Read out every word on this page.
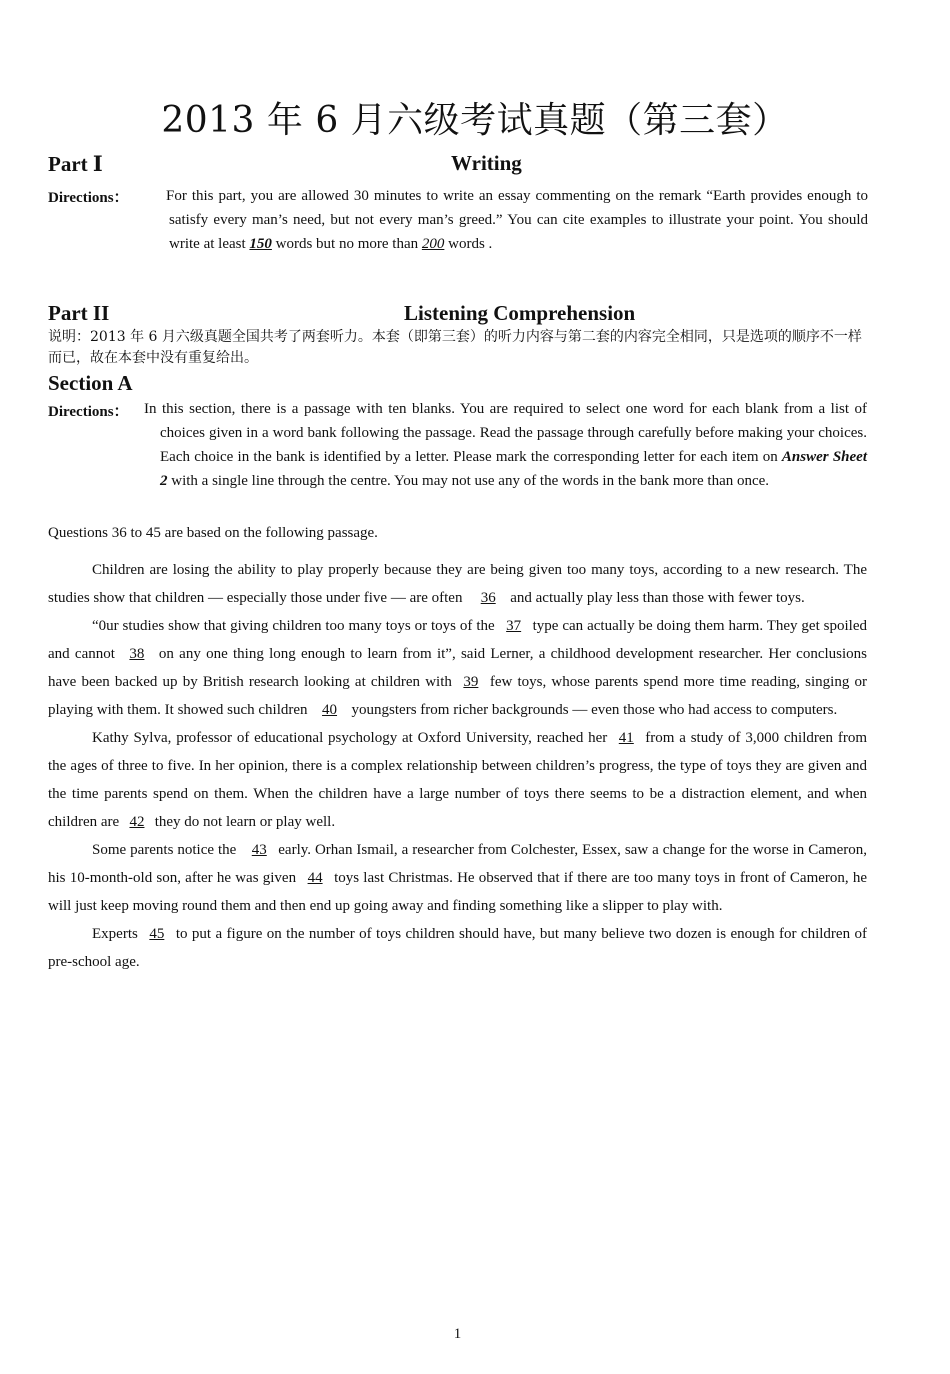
2013 年 6 月六级考试真题（第三套）
Part Ⅰ	Writing
Directions： For this part, you are allowed 30 minutes to write an essay commenting on the remark “Earth provides enough to satisfy every man’s need, but not every man’s greed.” You can cite examples to illustrate your point. You should write at least 150 words but no more than 200 words .
Part II	Listening Comprehension
说明：2013 年 6 月六级真题全国共考了两套听力。本套（即第三套）的听力内容与第二套的内容完全相同，只是选项的顺序不一样而已，故在本套中没有重复给出。
Section A
Directions： In this section, there is a passage with ten blanks. You are required to select one word for each blank from a list of choices given in a word bank following the passage. Read the passage through carefully before making your choices. Each choice in the bank is identified by a letter. Please mark the corresponding letter for each item on Answer Sheet 2 with a single line through the centre. You may not use any of the words in the bank more than once.
Questions 36 to 45 are based on the following passage.

Children are losing the ability to play properly because they are being given too many toys, according to a new research. The studies show that children — especially those under five — are often 36 and actually play less than those with fewer toys.

“0ur studies show that giving children too many toys or toys of the 37 type can actually be doing them harm. They get spoiled and cannot 38 on any one thing long enough to learn from it”, said Lerner, a childhood development researcher. Her conclusions have been backed up by British research looking at children with 39 few toys, whose parents spend more time reading, singing or playing with them. It showed such children 40 youngsters from richer backgrounds — even those who had access to computers.

Kathy Sylva, professor of educational psychology at Oxford University, reached her 41 from a study of 3,000 children from the ages of three to five. In her opinion, there is a complex relationship between children’s progress, the type of toys they are given and the time parents spend on them. When the children have a large number of toys there seems to be a distraction element, and when children are 42 they do not learn or play well.

Some parents notice the 43 early. Orhan Ismail, a researcher from Colchester, Essex, saw a change for the worse in Cameron, his 10-month-old son, after he was given 44 toys last Christmas. He observed that if there are too many toys in front of Cameron, he will just keep moving round them and then end up going away and finding something like a slipper to play with.

Experts 45 to put a figure on the number of toys children should have, but many believe two dozen is enough for children of pre-school age.

1
